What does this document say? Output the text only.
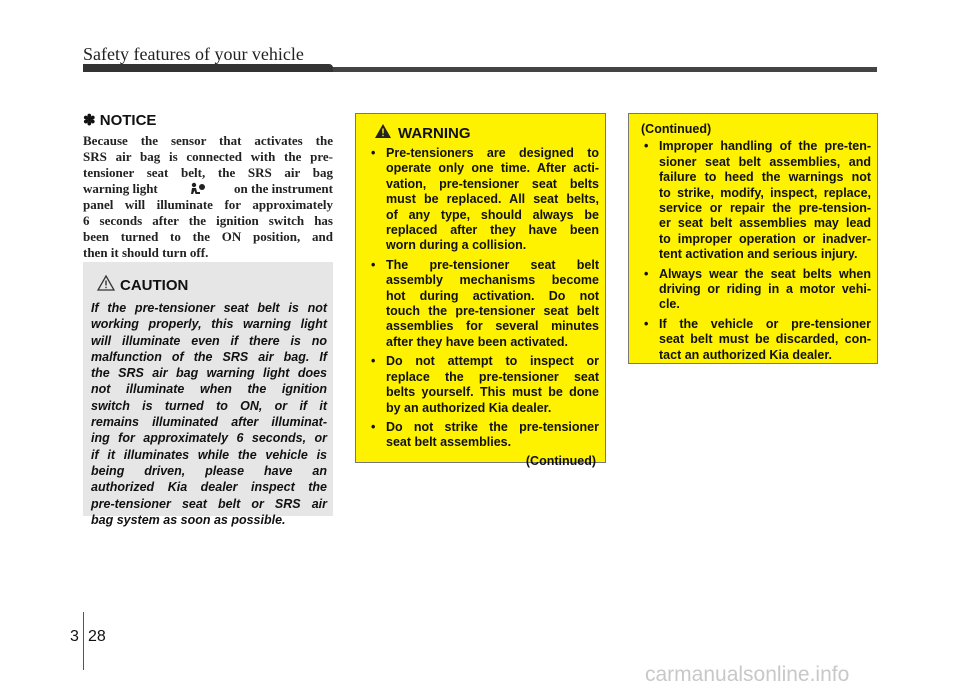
Safety features of your vehicle
✽ NOTICE
Because the sensor that activates the
SRS air bag is connected with the pre-
tensioner seat belt, the SRS air bag
warning light	on the instrument
panel will illuminate for approximately
6 seconds after the ignition switch has
been turned to the ON position, and
then it should turn off.
CAUTION
If the pre-tensioner seat belt is not
working properly, this warning light
will illuminate even if there is no
malfunction of the SRS air bag. If
the SRS air bag warning light does
not illuminate when the ignition
switch is turned to ON, or if it
remains illuminated after illuminat-
ing for approximately 6 seconds, or
if it illuminates while the vehicle is
being driven, please have an
authorized Kia dealer inspect the
pre-tensioner seat belt or SRS air
bag system as soon as possible.
WARNING
• Pre-tensioners are designed to
operate only one time. After acti-
vation, pre-tensioner seat belts
must be replaced. All seat belts,
of any type, should always be
replaced after they have been
worn during a collision.
• The pre-tensioner seat belt
assembly mechanisms become
hot during activation. Do not
touch the pre-tensioner seat belt
assemblies for several minutes
after they have been activated.
• Do not attempt to inspect or
replace the pre-tensioner seat
belts yourself. This must be done
by an authorized Kia dealer.
• Do not strike the pre-tensioner
seat belt assemblies.
(Continued)
(Continued)
• Improper handling of the pre-ten-
sioner seat belt assemblies, and
failure to heed the warnings not
to strike, modify, inspect, replace,
service or repair the pre-tension-
er seat belt assemblies may lead
to improper operation or inadver-
tent activation and serious injury.
• Always wear the seat belts when
driving or riding in a motor vehi-
cle.
• If the vehicle or pre-tensioner
seat belt must be discarded, con-
tact an authorized Kia dealer.
3 28
carmanualsonline.info
